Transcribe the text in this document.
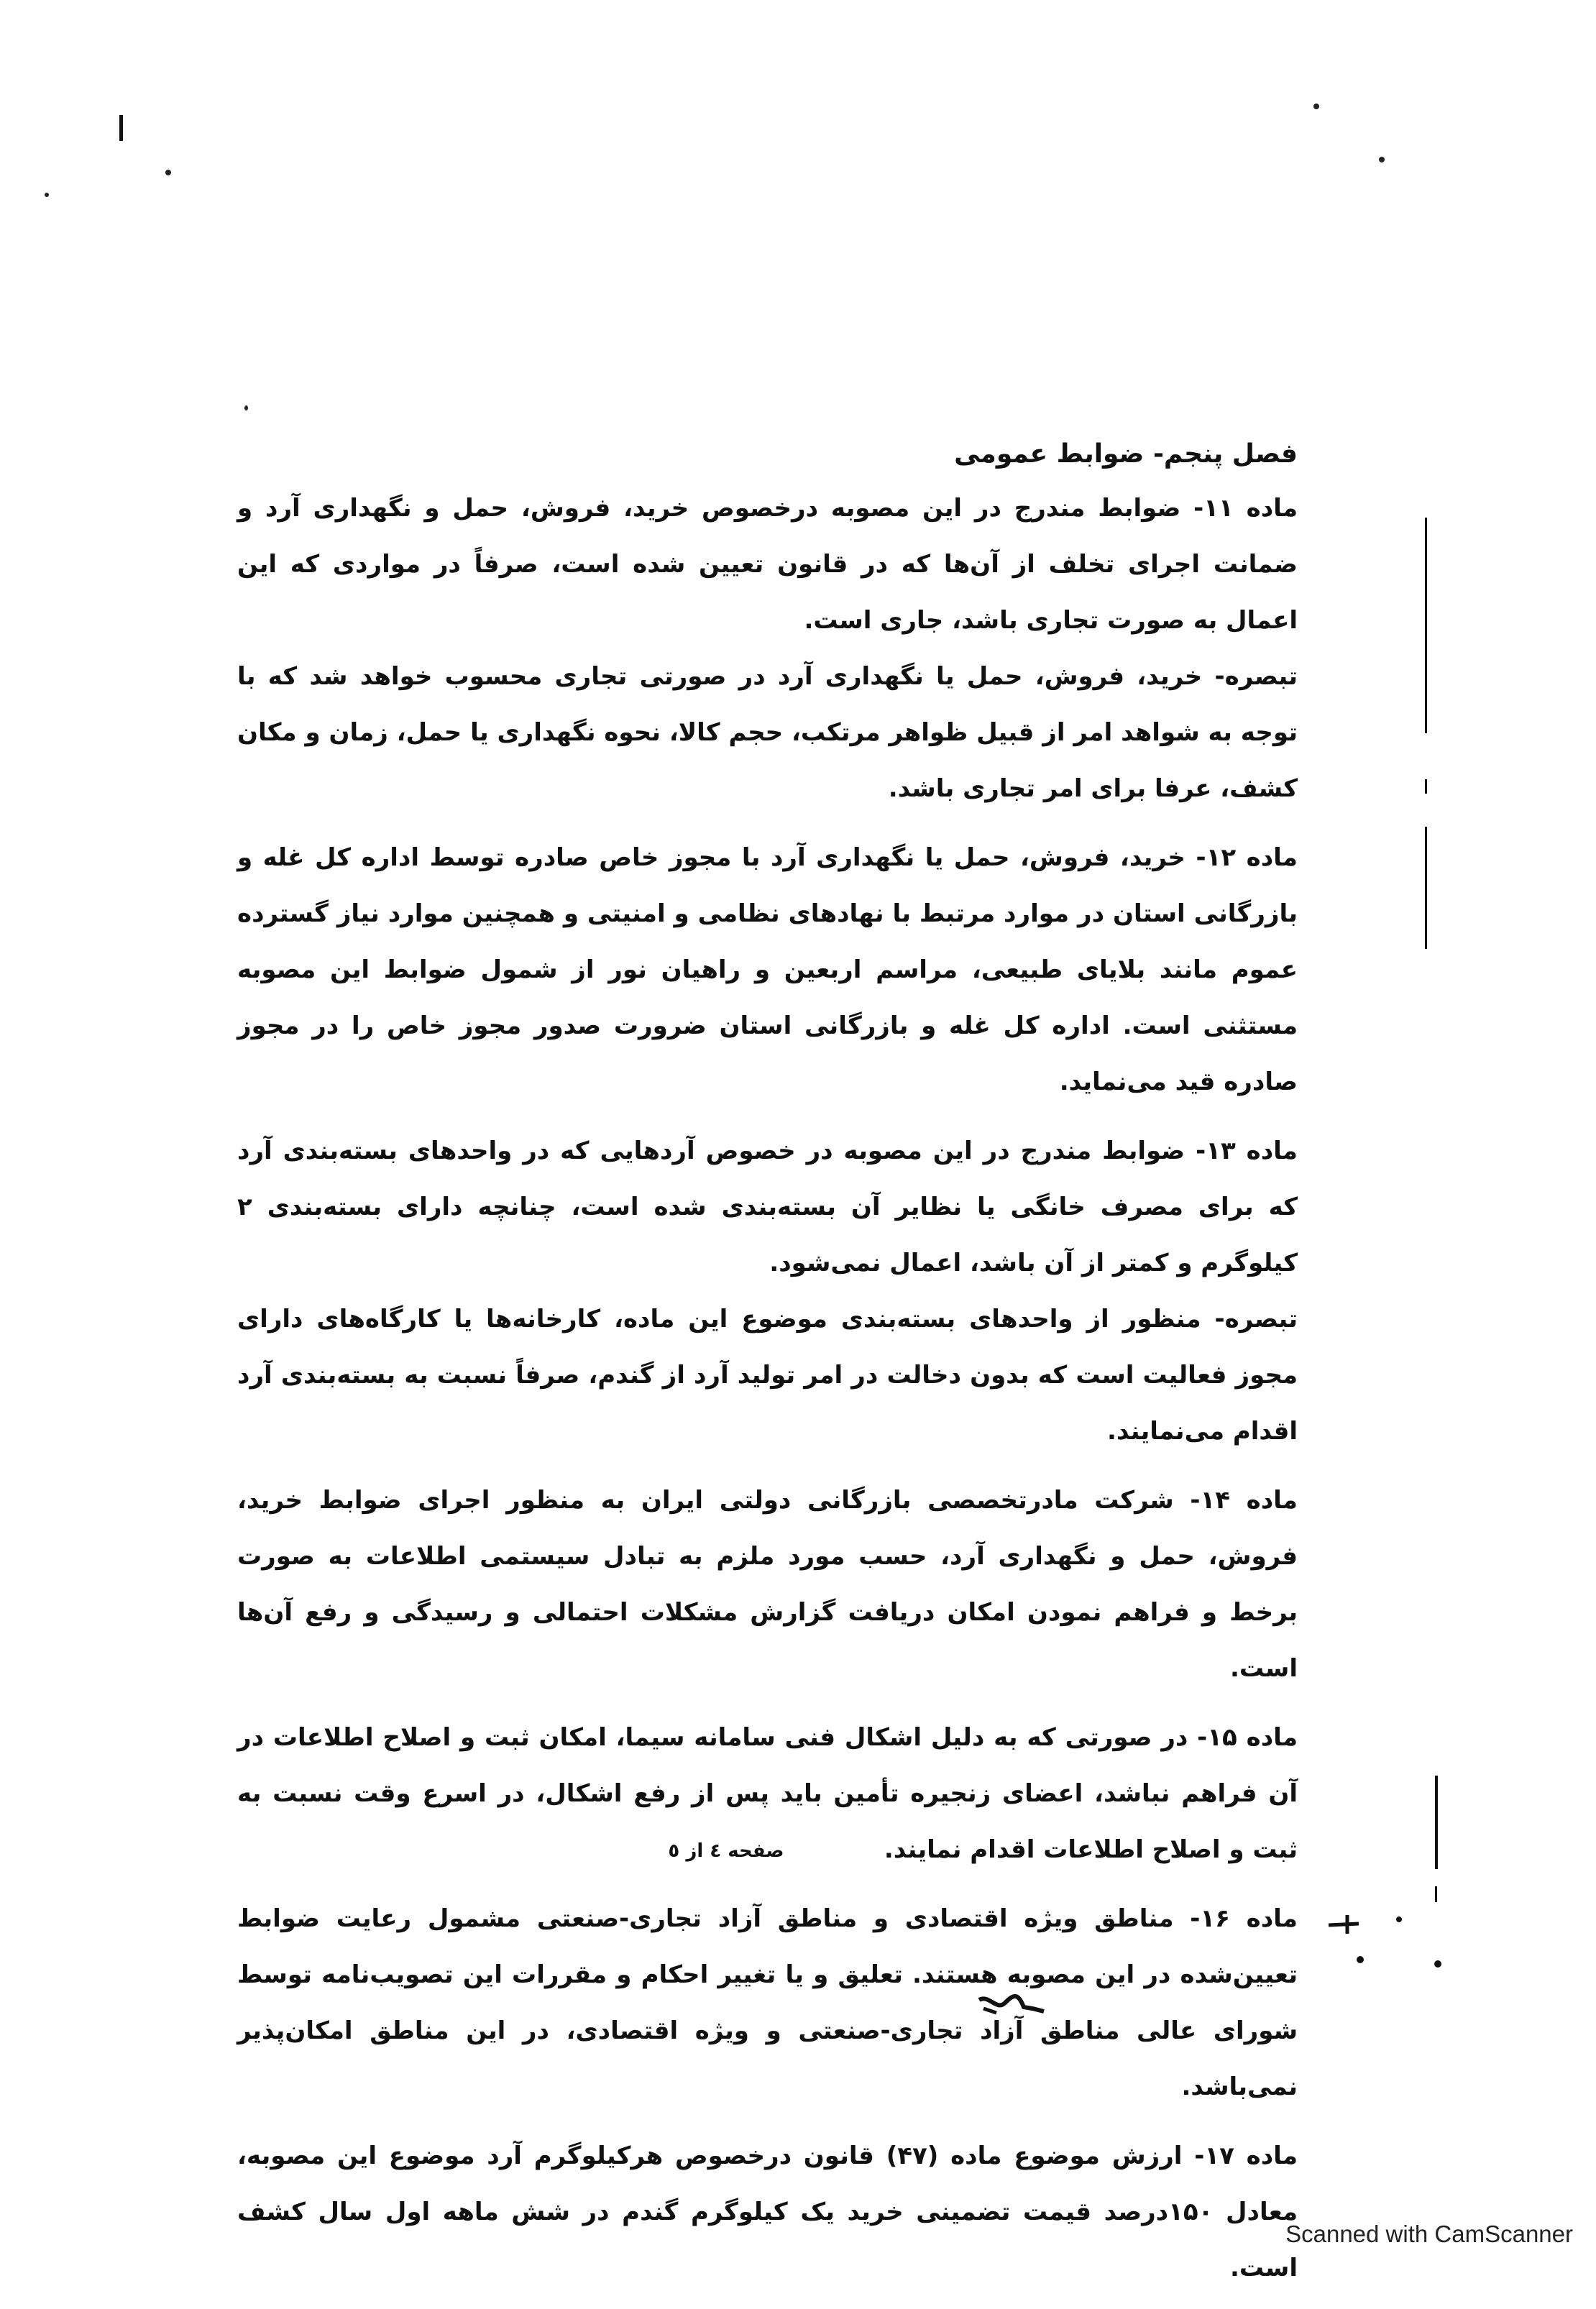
فصل پنجم- ضوابط عمومی

ماده ۱۱- ضوابط مندرج در این مصوبه درخصوص خرید، فروش، حمل و نگهداری آرد و ضمانت اجرای تخلف از آن‌ها که در قانون تعیین شده است، صرفاً در مواردی که این اعمال به صورت تجاری باشد، جاری است.

تبصره- خرید، فروش، حمل یا نگهداری آرد در صورتی تجاری محسوب خواهد شد که با توجه به شواهد امر از قبیل ظواهر مرتکب، حجم کالا، نحوه نگهداری یا حمل، زمان و مکان کشف، عرفا برای امر تجاری باشد.

ماده ۱۲- خرید، فروش، حمل یا نگهداری آرد با مجوز خاص صادره توسط اداره کل غله و بازرگانی استان در موارد مرتبط با نهادهای نظامی و امنیتی و همچنین موارد نیاز گسترده عموم مانند بلایای طبیعی، مراسم اربعین و راهیان نور از شمول ضوابط این مصوبه مستثنی است. اداره کل غله و بازرگانی استان ضرورت صدور مجوز خاص را در مجوز صادره قید می‌نماید.

ماده ۱۳- ضوابط مندرج در این مصوبه در خصوص آردهایی که در واحدهای بسته‌بندی آرد که برای مصرف خانگی یا نظایر آن بسته‌بندی شده است، چنانچه دارای بسته‌بندی ۲ کیلوگرم و کمتر از آن باشد، اعمال نمی‌شود.

تبصره- منظور از واحدهای بسته‌بندی موضوع این ماده، کارخانه‌ها یا کارگاه‌های دارای مجوز فعالیت است که بدون دخالت در امر تولید آرد از گندم، صرفاً نسبت به بسته‌بندی آرد اقدام می‌نمایند.

ماده ۱۴- شرکت مادرتخصصی بازرگانی دولتی ایران به منظور اجرای ضوابط خرید، فروش، حمل و نگهداری آرد، حسب مورد ملزم به تبادل سیستمی اطلاعات به صورت برخط و فراهم نمودن امکان دریافت گزارش مشکلات احتمالی و رسیدگی و رفع آن‌ها است.

ماده ۱۵- در صورتی که به دلیل اشکال فنی سامانه سیما، امکان ثبت و اصلاح اطلاعات در آن فراهم نباشد، اعضای زنجیره تأمین باید پس از رفع اشکال، در اسرع وقت نسبت به ثبت و اصلاح اطلاعات اقدام نمایند.

ماده ۱۶- مناطق ویژه اقتصادی و مناطق آزاد تجاری-صنعتی مشمول رعایت ضوابط تعیین‌شده در این مصوبه هستند. تعلیق و یا تغییر احکام و مقررات این تصویب‌نامه توسط شورای عالی مناطق آزاد تجاری-صنعتی و ویژه اقتصادی، در این مناطق امکان‌پذیر نمی‌باشد.

ماده ۱۷- ارزش موضوع ماده (۴۷) قانون درخصوص هرکیلوگرم آرد موضوع این مصوبه، معادل ۱۵۰درصد قیمت تضمینی خرید یک کیلوگرم گندم در شش ماهه اول سال کشف است.

صفحه ٤ از ٥
Scanned with CamScanner
